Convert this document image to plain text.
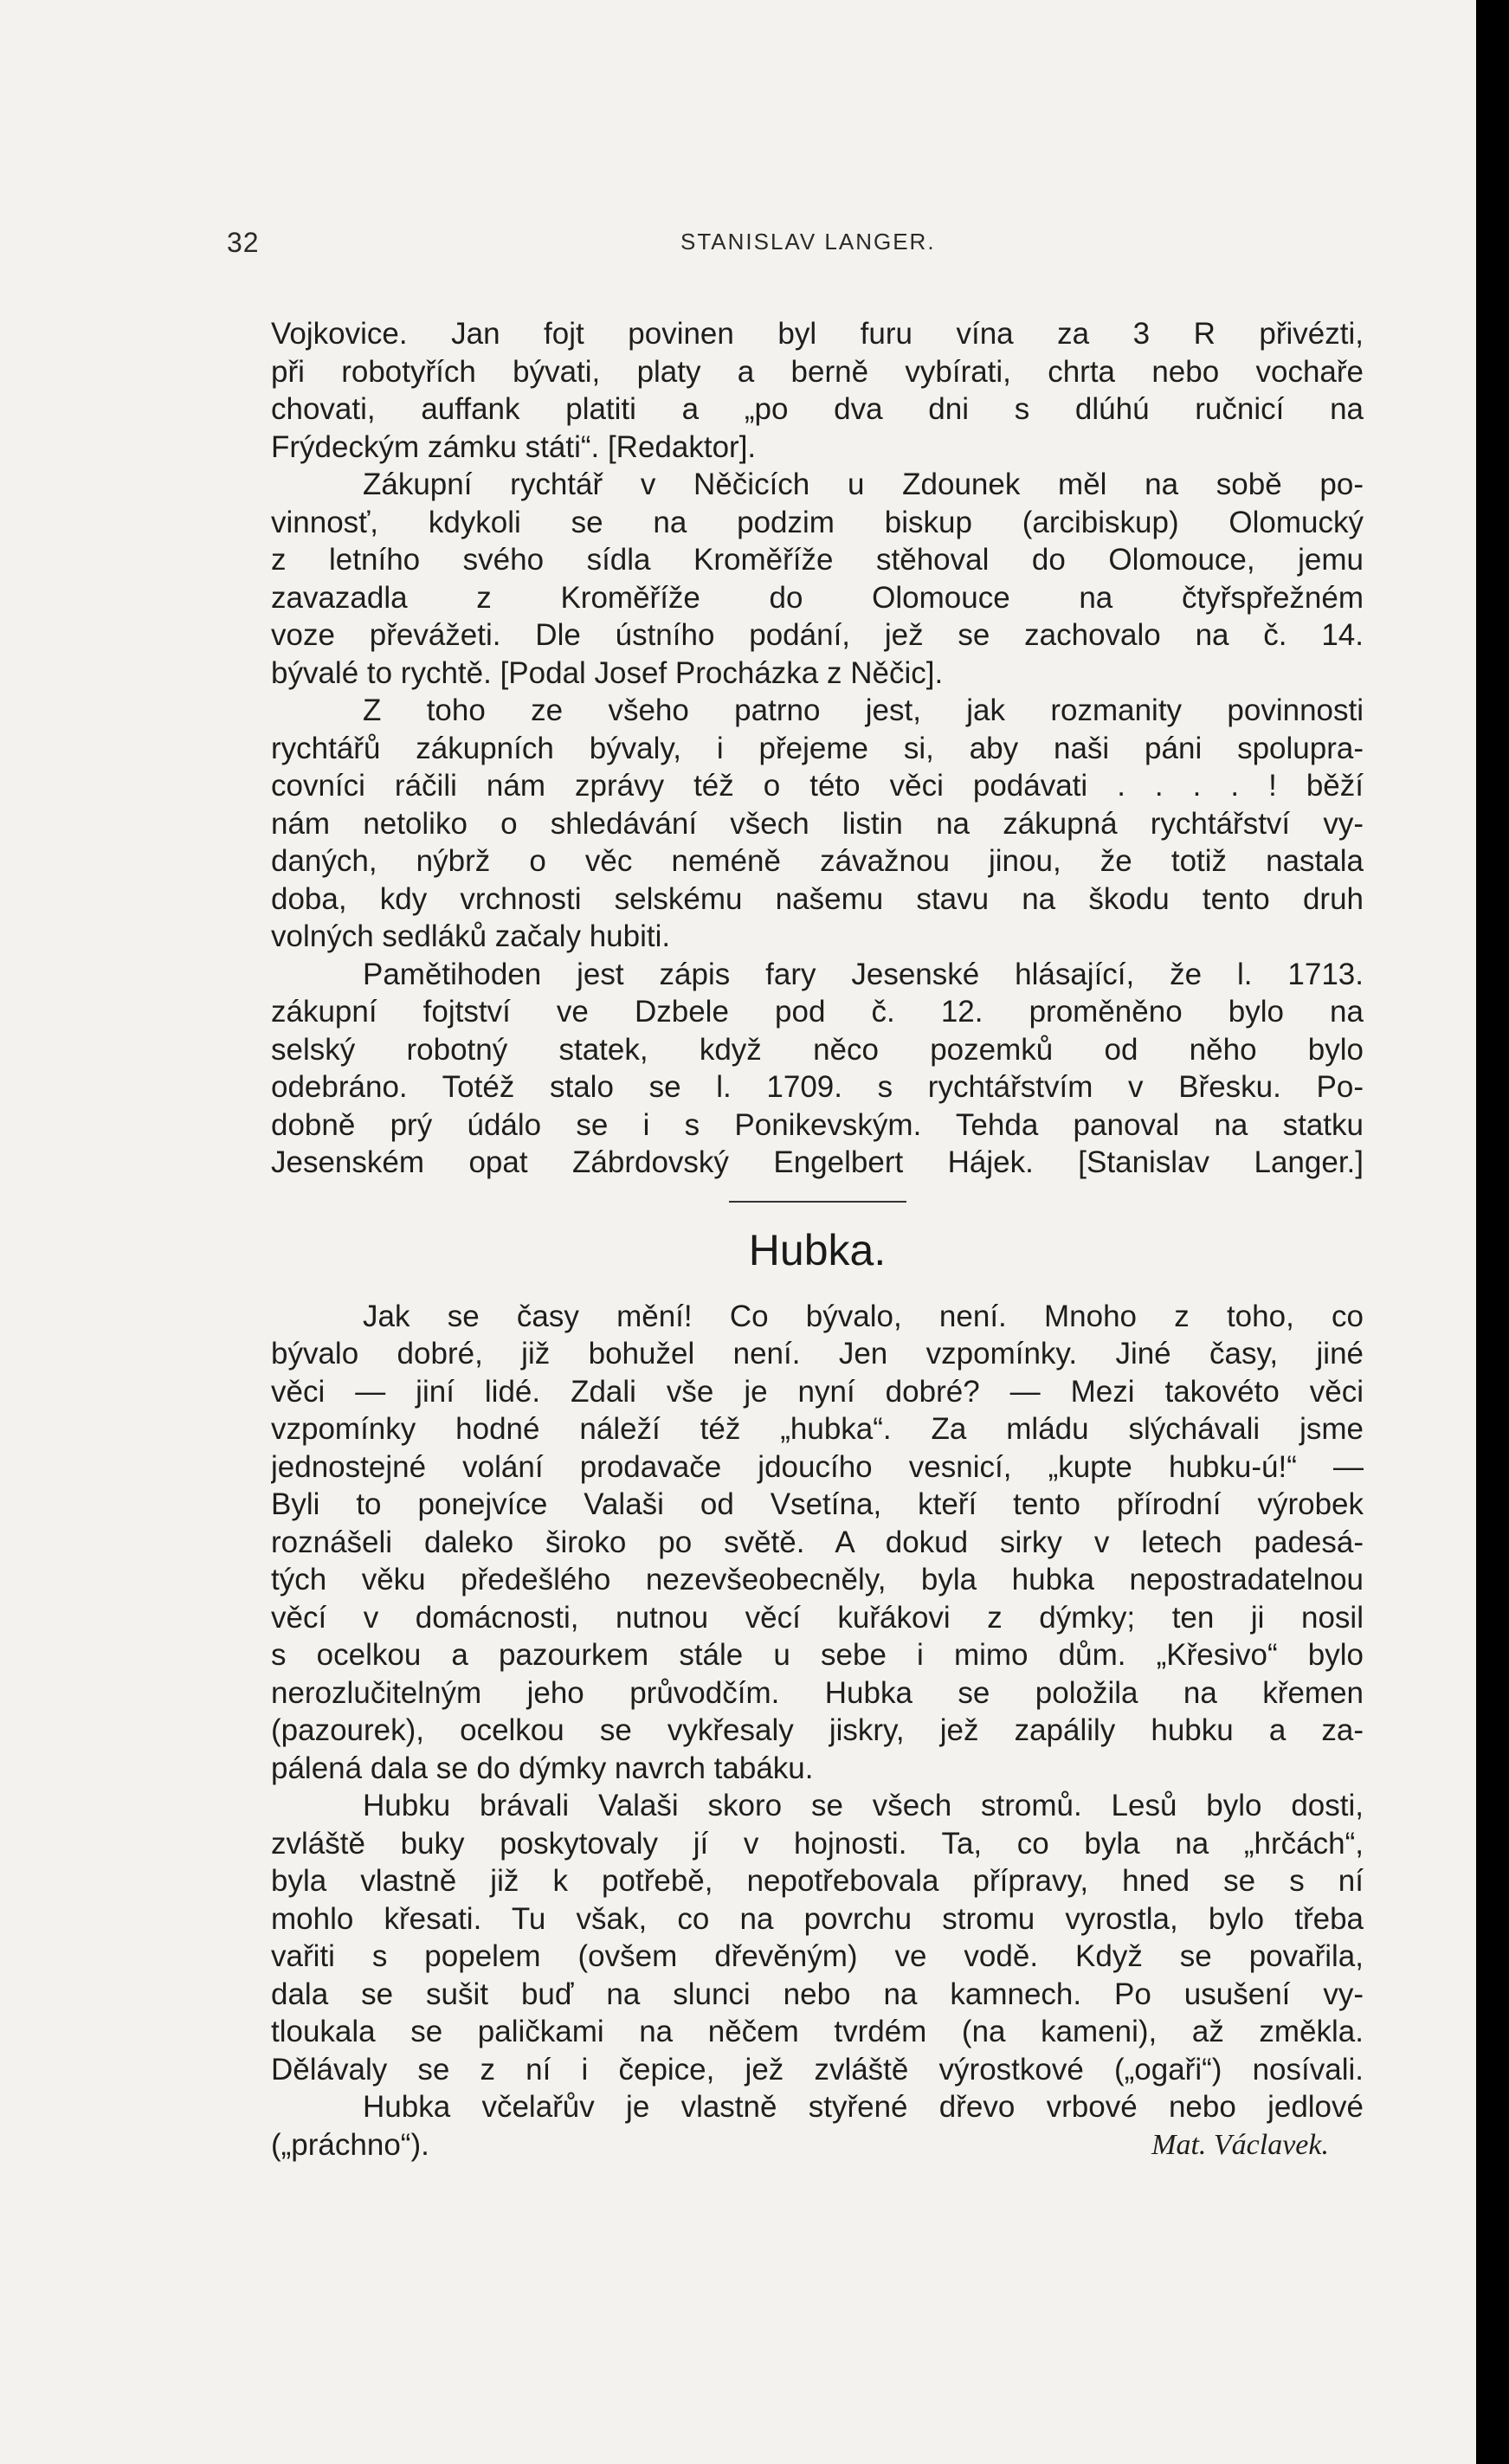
32	STANISLAV LANGER.
Vojkovice. Jan fojt povinen byl furu vína za 3 R přivézti,
při robotyřích bývati, platy a berně vybírati, chrta nebo vochaře
chovati, auffank platiti a „po dva dni s dlúhú ručnicí na
Frýdeckým zámku státi“. [Redaktor].
Zákupní rychtář v Něčicích u Zdounek měl na sobě po-
vinnosť, kdykoli se na podzim biskup (arcibiskup) Olomucký
z letního svého sídla Kroměříže stěhoval do Olomouce, jemu
zavazadla z Kroměříže do Olomouce na čtyřspřežném
voze převážeti. Dle ústního podání, jež se zachovalo na č. 14.
bývalé to rychtě. [Podal Josef Procházka z Něčic].
Z toho ze všeho patrno jest, jak rozmanity povinnosti
rychtářů zákupních bývaly, i přejeme si, aby naši páni spolupra-
covníci ráčili nám zprávy též o této věci podávati . . . . ! běží
nám netoliko o shledávání všech listin na zákupná rychtářství vy-
daných, nýbrž o věc neméně závažnou jinou, že totiž nastala
doba, kdy vrchnosti selskému našemu stavu na škodu tento druh
volných sedláků začaly hubiti.
Pamětihoden jest zápis fary Jesenské hlásající, že l. 1713.
zákupní fojtství ve Dzbele pod č. 12. proměněno bylo na
selský robotný statek, když něco pozemků od něho bylo
odebráno. Totéž stalo se l. 1709. s rychtářstvím v Břesku. Po-
dobně prý údálo se i s Ponikevským. Tehda panoval na statku
Jesenském opat Zábrdovský Engelbert Hájek. [Stanislav Langer.]
Hubka.
Jak se časy mění! Co bývalo, není. Mnoho z toho, co
bývalo dobré, již bohužel není. Jen vzpomínky. Jiné časy, jiné
věci — jiní lidé. Zdali vše je nyní dobré? — Mezi takovéto věci
vzpomínky hodné náleží též „hubka“. Za mládu slýchávali jsme
jednostejné volání prodavače jdoucího vesnicí, „kupte hubku-ú!“ —
Byli to ponejvíce Valaši od Vsetína, kteří tento přírodní výrobek
roznášeli daleko široko po světě. A dokud sirky v letech padesá-
tých věku předešlého nezevšeobecněly, byla hubka nepostradatelnou
věcí v domácnosti, nutnou věcí kuřákovi z dýmky; ten ji nosil
s ocelkou a pazourkem stále u sebe i mimo dům. „Křesivo“ bylo
nerozlučitelným jeho průvodčím. Hubka se položila na křemen
(pazourek), ocelkou se vykřesaly jiskry, jež zapálily hubku a za-
pálená dala se do dýmky navrch tabáku.
Hubku brávali Valaši skoro se všech stromů. Lesů bylo dosti,
zvláště buky poskytovaly jí v hojnosti. Ta, co byla na „hrčách“,
byla vlastně již k potřebě, nepotřebovala přípravy, hned se s ní
mohlo křesati. Tu však, co na povrchu stromu vyrostla, bylo třeba
vařiti s popelem (ovšem dřevěným) ve vodě. Když se povařila,
dala se sušit buď na slunci nebo na kamnech. Po usušení vy-
tloukala se paličkami na něčem tvrdém (na kameni), až změkla.
Dělávaly se z ní i čepice, jež zvláště výrostkové („ogaři“) nosívali.
Hubka včelařův je vlastně styřené dřevo vrbové nebo jedlové
(„práchno“).	Mat. Václavek.
